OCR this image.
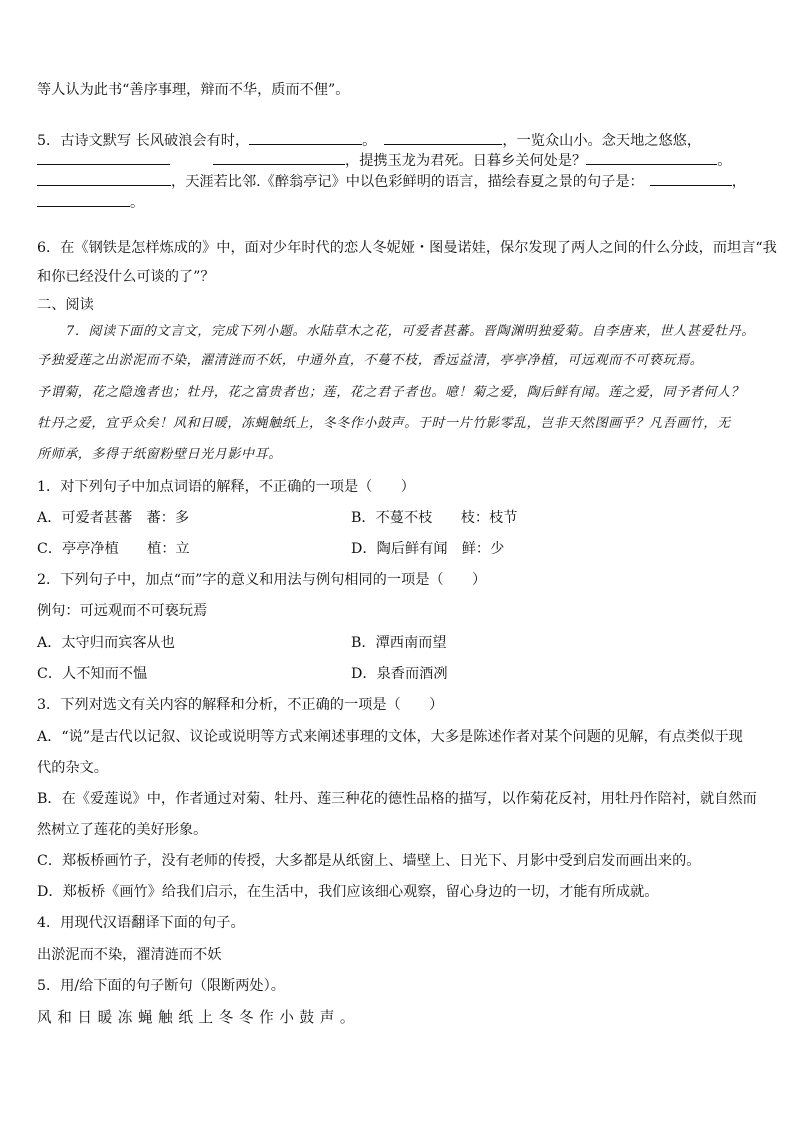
等人认为此书“善序事理，辩而不华，质而不俚”。
5．古诗文默写 长风破浪会有时，	。	，一览众山小。念天地之悠悠，
，提携玉龙为君死。日暮乡关何处是？	。
，天涯若比邻.《醉翁亭记》中以色彩鲜明的语言，描绘春夏之景的句子是：	，
。
6．在《钢铁是怎样炼成的》中，面对少年时代的恋人冬妮娅・图曼诺娃，保尔发现了两人之间的什么分歧，而坦言“我
和你已经没什么可谈的了”？
二、阅读
7．阅读下面的文言文，完成下列小题。水陆草木之花，可爱者甚蕃。晋陶渊明独爱菊。自李唐来，世人甚爱牡丹。
予独爱莲之出淤泥而不染，濯清涟而不妖，中通外直，不蔓不枝，香远益清，亭亭净植，可远观而不可亵玩焉。
予谓菊，花之隐逸者也；牡丹，花之富贵者也；莲，花之君子者也。噫！菊之爱，陶后鲜有闻。莲之爱，同予者何人？
牡丹之爱，宜乎众矣！风和日暖，冻蝇触纸上，冬冬作小鼓声。于时一片竹影零乱，岂非天然图画乎？凡吾画竹，无
所师承，多得于纸窗粉壁日光月影中耳。
1．对下列句子中加点词语的解释，不正确的一项是（　　）
A．可爱者甚蕃　蕃：多	B．不蔓不枝　　枝：枝节
C．亭亭净植　　植：立	D．陶后鲜有闻　鲜：少
2．下列句子中，加点“而”字的意义和用法与例句相同的一项是（　　）
例句：可远观而不可亵玩焉
A．太守归而宾客从也	B．潭西南而望
C．人不知而不愠	D．泉香而酒冽
3．下列对选文有关内容的解释和分析，不正确的一项是（　　）
A．“说”是古代以记叙、议论或说明等方式来阐述事理的文体，大多是陈述作者对某个问题的见解，有点类似于现
代的杂文。
B．在《爱莲说》中，作者通过对菊、牡丹、莲三种花的德性品格的描写，以作菊花反衬，用牡丹作陪衬，就自然而
然树立了莲花的美好形象。
C．郑板桥画竹子，没有老师的传授，大多都是从纸窗上、墙壁上、日光下、月影中受到启发而画出来的。
D．郑板桥《画竹》给我们启示，在生活中，我们应该细心观察，留心身边的一切，才能有所成就。
4．用现代汉语翻译下面的句子。
出淤泥而不染，濯清涟而不妖
5．用/给下面的句子断句（限断两处）。
风和日暖冻蝇触纸上冬冬作小鼓声。
